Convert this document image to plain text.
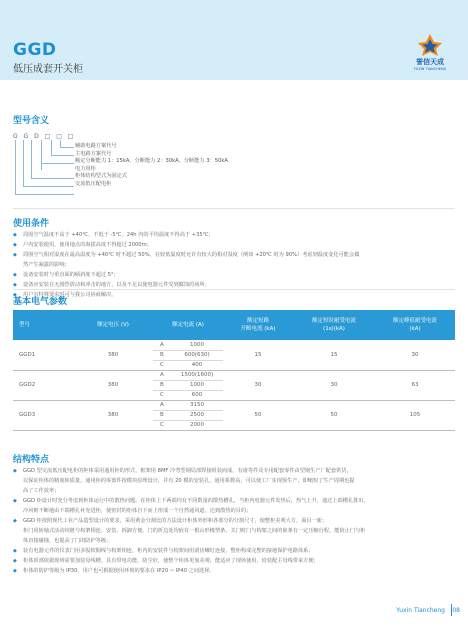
GGD
低压成套开关柜
誉信天成
YUXIN TIANCHENG
型号含义
G G D □ □ □
辅助电路方案代号
主电路方案代号
额定分断能力 1：15kA、分断能力 2：30kA、分断能力 3：50kA
电力用柜
柜体结构型式为固定式
交流低压配电柜
使用条件
◆ 周围空气温度不高于 +40℃，不低于 -5℃，24h 内的平均温度不得高于 +35℃；
◆ 户内安装使用，使用地点的海拔高度不得超过 2000m；
◆ 周围空气相对湿度在最高温度为 +40℃ 时不超过 50%，在较低温度时允许有较大的相对湿度（例如 +20℃ 时为 90%）考虑到温度变化可能会偶
然产生凝露的影响；
◆ 设备安装时与垂直面的倾斜度不超过 5°；
◆ 设备应安装在无剧烈震动和冲击的地方，以及不足以使电器元件受到腐蚀的场所；
◆ 用户有特殊要求时可与我公司协商解决。
基本电气参数
型号	额定电压 (V)	额定电流 (A)	额定短路
开断电流 (kA)	额定短时耐受电流
(1s)(kA)	额定峰值耐受电流
(kA)
GGD1	380	A 1000	15	15	30
		B 600(630)			
		C 400			
GGD2	380	A 1500(1600)	30	30	63
		B 1000			
		C 600			
GGD3	380	A 3150	50	50	105
		B 2500			
		C 2000			
结构特点
◆ GGD 型交流低压配电柜的柜体采用通用柜的形式，框架用 8MF 冷弯型钢局部焊接组装而成，有诸等件及专用配套零件由型钢生产厂配套供货，
以保证柜体的精度和质量。通用柜的零部件按模块原理设计，并有 20 模的安装孔，通用系数高，可以使工厂实现预生产，即缩短了生产周期也提
高了工作效率；
◆ GGD 柜设计时充分考虑到柜体运行中的散热问题。在柜体上下两端均有不同数量的散热槽孔，当柜内电器元件发热后，热气上升，通过上端槽孔排出，
冷风则不断地由下端槽孔补充进柜，使密封的柜体自下而上形成一个自然通风道，达到散热的目的；
◆ GGD 柜按照现代工业产品造型设计的要求，采用黄金分割比的方法设计柜体外形和各部分的分割尺寸，使整柜美观大方，面目一新；
柜门用转轴式活动铰链与构架相连，安装、拆卸方便。门的折边处均嵌有一根山形橡塑条，关门时门与构架之间的嵌条有一定压缩行程，能防止门与柜
体直接碰撞，也提高了门的防护等级；
◆ 装有电器元件的仪表门用多股软铜线与构架相连，柜内的安装件与构架间用滚齿螺钉连接，整柜构成完整的接地保护电路体系；
◆ 柜体顶部依据现场需要加装母线槽，具有带电功能，防尘好，使整个柜体更加美观，能适应了现场使用，给装配主母线带来方便；
◆ 柜体的防护等级为 IP30，用户也可根据使用环境的要求在 IP20 ~ IP40 之间选择。
Yuxin Tiancheng 08
